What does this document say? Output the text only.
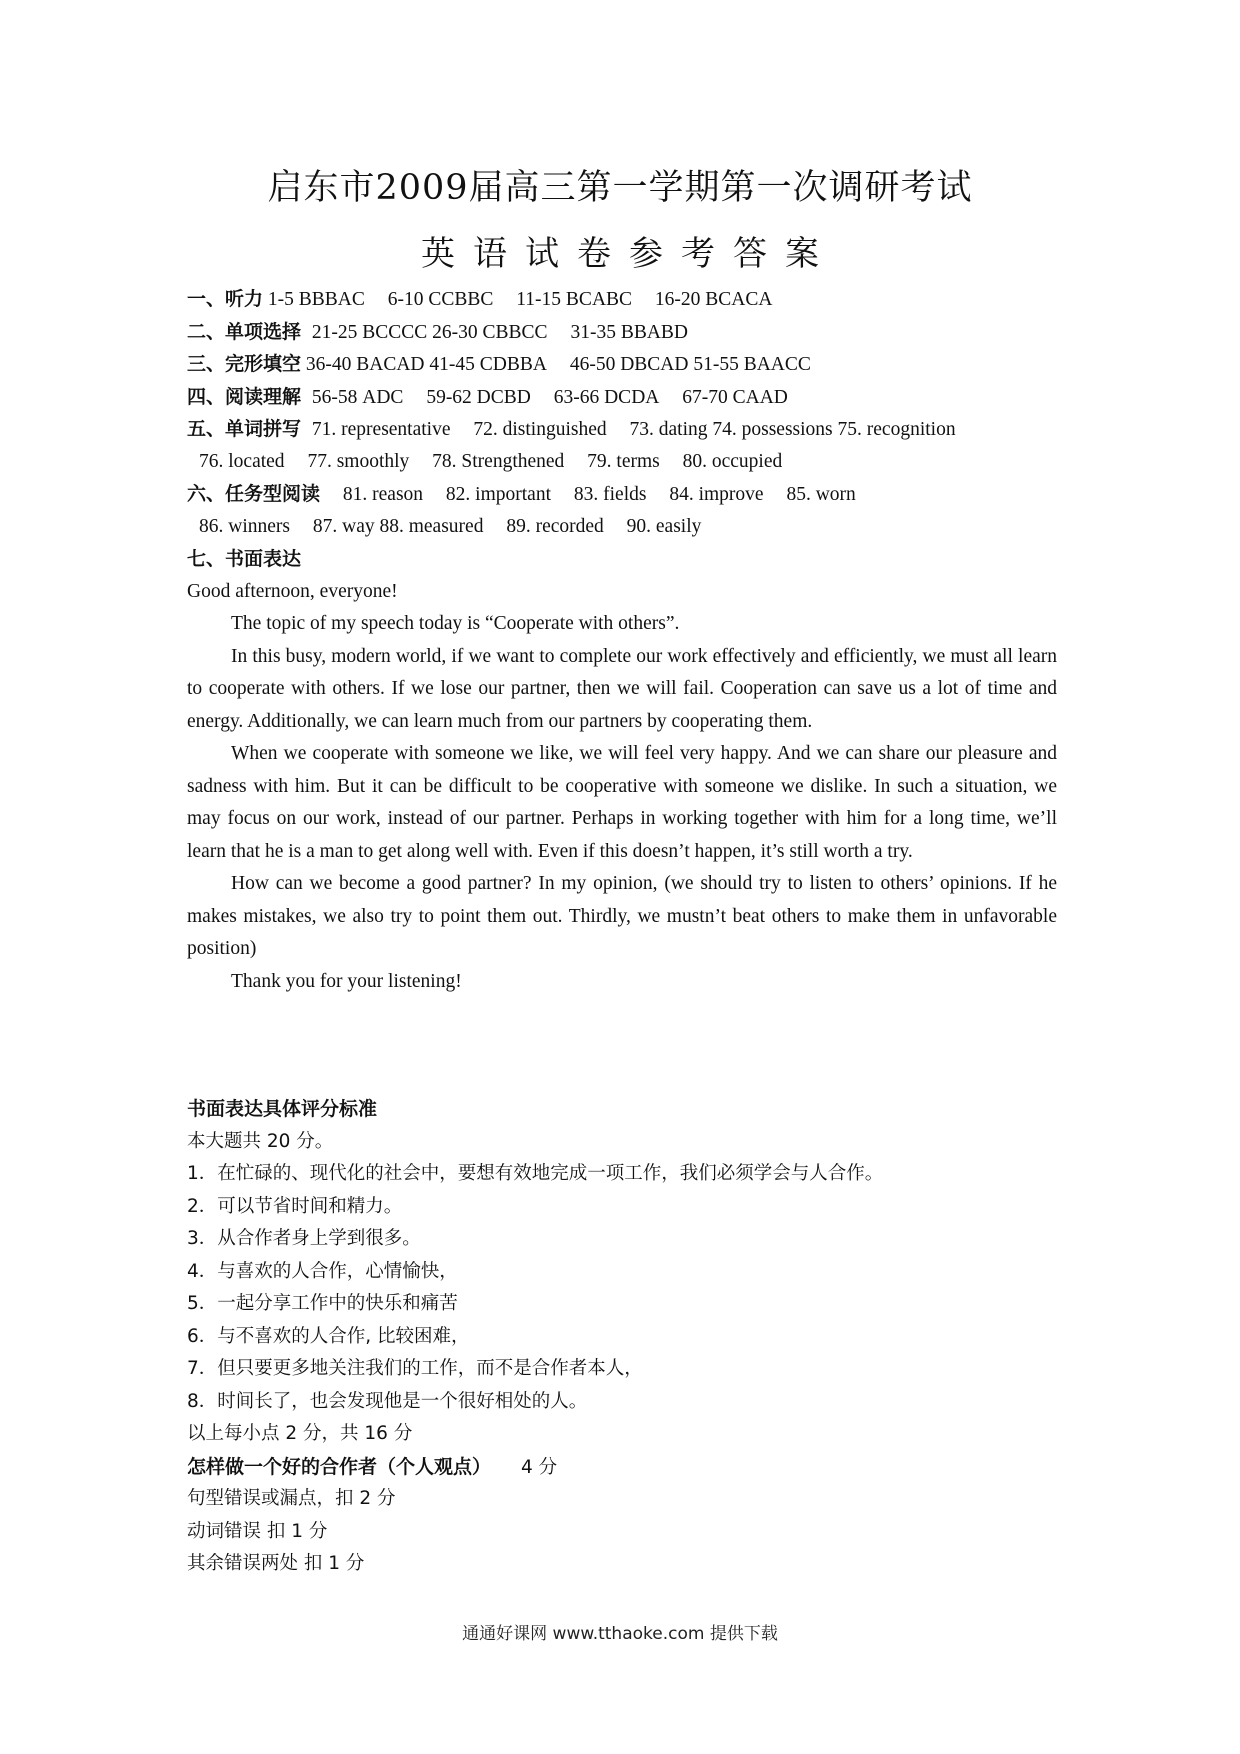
启东市2009届高三第一学期第一次调研考试
英语试卷参考答案
一、听力 1-5 BBBAC 6-10 CCBBC 11-15 BCABC 16-20 BCACA
二、单项选择 21-25 BCCCC 26-30 CBBCC 31-35 BBABD
三、完形填空 36-40 BACAD 41-45 CDBBA 46-50 DBCAD 51-55 BAACC
四、阅读理解 56-58 ADC 59-62 DCBD 63-66 DCDA 67-70 CAAD
五、单词拼写 71. representative 72. distinguished 73. dating 74. possessions 75. recognition
76. located 77. smoothly 78. Strengthened 79. terms 80. occupied
六、任务型阅读 81. reason 82. important 83. fields 84. improve 85. worn
86. winners 87. way 88. measured 89. recorded 90. easily
七、书面表达

Good afternoon, everyone!

The topic of my speech today is “Cooperate with others”.

In this busy, modern world, if we want to complete our work effectively and efficiently, we must all learn to cooperate with others. If we lose our partner, then we will fail. Cooperation can save us a lot of time and energy. Additionally, we can learn much from our partners by cooperating them.

When we cooperate with someone we like, we will feel very happy. And we can share our pleasure and sadness with him. But it can be difficult to be cooperative with someone we dislike. In such a situation, we may focus on our work, instead of our partner. Perhaps in working together with him for a long time, we’ll learn that he is a man to get along well with. Even if this doesn’t happen, it’s still worth a try.

How can we become a good partner? In my opinion, (we should try to listen to others’ opinions. If he makes mistakes, we also try to point them out. Thirdly, we mustn’t beat others to make them in unfavorable position)

Thank you for your listening!

书面表达具体评分标准
本大题共 20 分。
1．在忙碌的、现代化的社会中，要想有效地完成一项工作，我们必须学会与人合作。
2．可以节省时间和精力。
3．从合作者身上学到很多。
4．与喜欢的人合作，心情愉快，
5．一起分享工作中的快乐和痛苦
6．与不喜欢的人合作, 比较困难，
7．但只要更多地关注我们的工作，而不是合作者本人，
8．时间长了，也会发现他是一个很好相处的人。
以上每小点 2 分，共 16 分
怎样做一个好的合作者（个人观点） 4 分
句型错误或漏点，扣 2 分
动词错误 扣 1 分
其余错误两处 扣 1 分
通通好课网 www.tthaoke.com 提供下载
